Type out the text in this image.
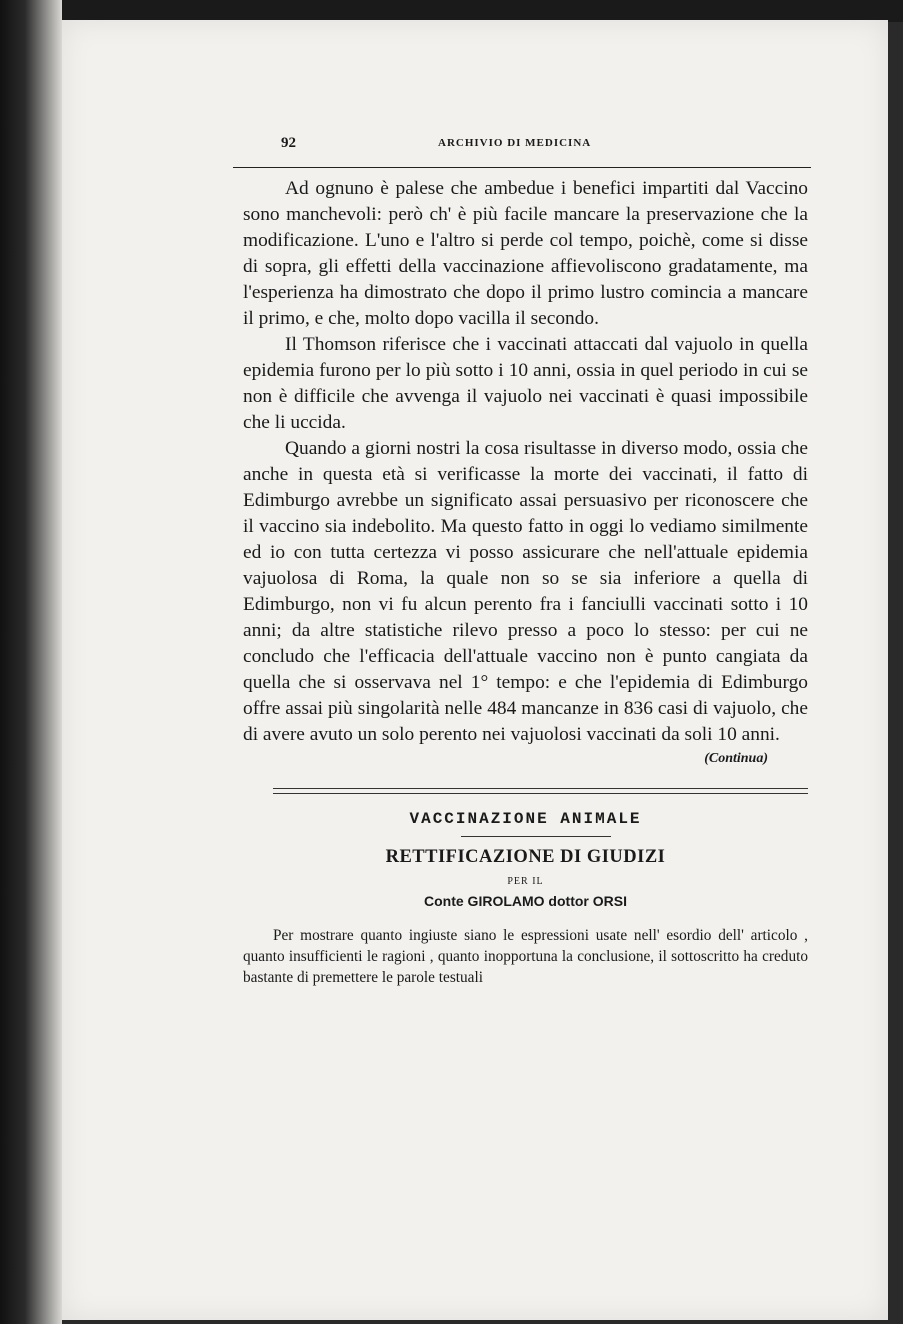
92	ARCHIVIO DI MEDICINA

Ad ognuno è palese che ambedue i benefici impartiti dal Vaccino sono manchevoli: però ch' è più facile mancare la preservazione che la modificazione. L'uno e l'altro si perde col tempo, poichè, come si disse di sopra, gli effetti della vaccinazione affievoliscono gradatamente, ma l'esperienza ha dimostrato che dopo il primo lustro comincia a mancare il primo, e che, molto dopo vacilla il secondo.

Il Thomson riferisce che i vaccinati attaccati dal vajuolo in quella epidemia furono per lo più sotto i 10 anni, ossia in quel periodo in cui se non è difficile che avvenga il vajuolo nei vaccinati è quasi impossibile che li uccida.

Quando a giorni nostri la cosa risultasse in diverso modo, ossia che anche in questa età si verificasse la morte dei vaccinati, il fatto di Edimburgo avrebbe un significato assai persuasivo per riconoscere che il vaccino sia indebolito. Ma questo fatto in oggi lo vediamo similmente ed io con tutta certezza vi posso assicurare che nell'attuale epidemia vajuolosa di Roma, la quale non so se sia inferiore a quella di Edimburgo, non vi fu alcun perento fra i fanciulli vaccinati sotto i 10 anni; da altre statistiche rilevo presso a poco lo stesso: per cui ne concludo che l'efficacia dell'attuale vaccino non è punto cangiata da quella che si osservava nel 1° tempo: e che l'epidemia di Edimburgo offre assai più singolarità nelle 484 mancanze in 836 casi di vajuolo, che di avere avuto un solo perento nei vajuolosi vaccinati da soli 10 anni.

(Continua)
VACCINAZIONE ANIMALE
RETTIFICAZIONE DI GIUDIZI
PER IL
Conte GIROLAMO dottor ORSI

Per mostrare quanto ingiuste siano le espressioni usate nell' esordio dell' articolo , quanto insufficienti le ragioni , quanto inopportuna la conclusione, il sottoscritto ha creduto bastante di premettere le parole testuali
